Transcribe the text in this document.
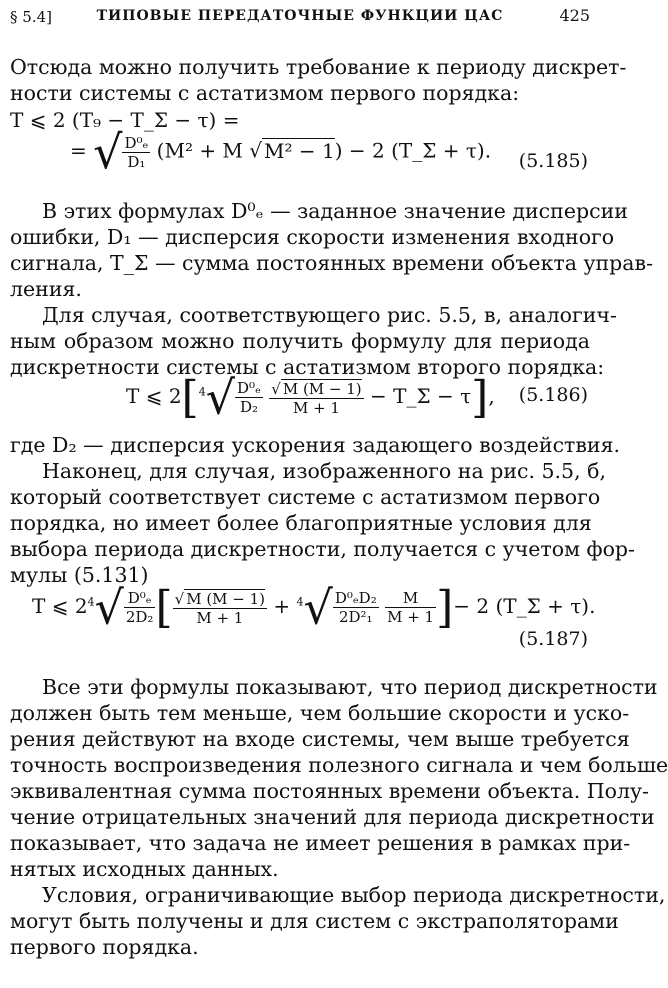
§ 5.4]	ТИПОВЫЕ ПЕРЕДАТОЧНЫЕ ФУНКЦИИ ЦАС	425
Отсюда можно получить требование к периоду дискрет-
ности системы с астатизмом первого порядка:
T ⩽ 2 (T₉ − T_Σ − τ) =
= √ $\frac{\text{D⁰ₑ}}{\text{D₁}} (M^2 + M$ √ M² − 1) − 2 (T_Σ + τ).	(5.185)
В этих формулах D⁰ₑ — заданное значение дисперсии
ошибки, D₁ — дисперсия скорости изменения входного
сигнала, T_Σ — сумма постоянных времени объекта управ-
ления.
Для случая, соответствующего рис. 5.5, в, аналогич-
ным образом можно получить формулу для периода
дискретности системы с астатизмом второго порядка:
T ⩽ $2[^4√ \frac{\text{D⁰ₑ}}{\text{D₂}}$
$\frac{√ M (M - 1)}{M + 1}$ − T_Σ − τ],	(5.186)
где D₂ — дисперсия ускорения задающего воздействия.
Наконец, для случая, изображенного на рис. 5.5, б,
который соответствует системе с астатизмом первого
порядка, но имеет более благоприятные условия для
выбора периода дискретности, получается с учетом фор-
мулы (5.131)
T ⩽ $2^4√ \frac{\text{D⁰ₑ}}{\text{2D₂}}$ [ $\frac{√ M (M - 1)}{M + 1} + ^4√ \frac{\text{D⁰ₑD₂}}{\text{2D²₁}}$
$\frac{M}{M + 1}$ ]− 2 (T_Σ + τ).
(5.187)
Все эти формулы показывают, что период дискретности
должен быть тем меньше, чем большие скорости и уско-
рения действуют на входе системы, чем выше требуется
точность воспроизведения полезного сигнала и чем больше
эквивалентная сумма постоянных времени объекта. Полу-
чение отрицательных значений для периода дискретности
показывает, что задача не имеет решения в рамках при-
нятых исходных данных.
Условия, ограничивающие выбор периода дискретности,
могут быть получены и для систем с экстраполяторами
первого порядка.
